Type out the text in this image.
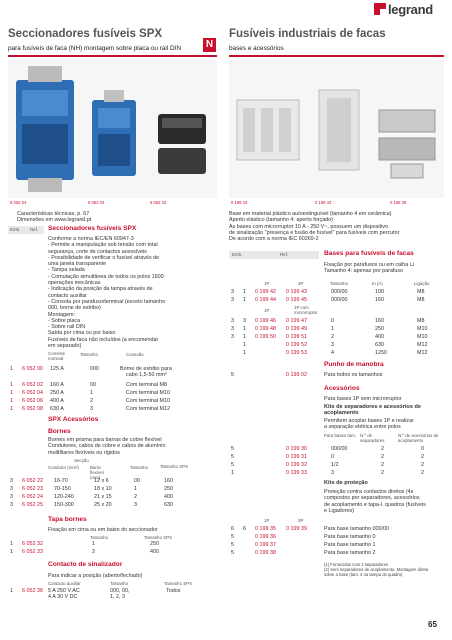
legrand
Seccionadores fusíveis SPX
para fusíveis de faca (NH) montagem sobre placa ou rail DIN N
Fusíveis industriais de facas
bases e acessórios
6 052 04	6 052 03	6 052 33	0 199 43	0 199 43	0 199 35
Características técnicas, p. 67
Dimensões em www.legrand.pt
Emb. Ref. Seccionadores fusíveis SPX
Conforme a norma IEC/EN 60947-3
- Permite a manipulação sob tensão com total
segurança, corte de contactos acessíveis
- Possibilidade de verificar o fusível através de
uma janela transparente
- Tampa selada
- Comutação simultânea de todos os polos 1600
operações mecânicas
- Indicação da posição da tampa através de
contacto auxiliar
- Consola por parafuso/terminal (exceto tamanho
000, borne de estribo)
Montagem:
- Sobre placa
- Sobre rail DIN
Saída por cima ou por baixo
Fusíveis de faca não incluídos (a encomendar
em separado)
Corrente nominal
Tamanho	Conexão
1 6 052 00 125 A	000	Borne de estribo para
cabo 1,5-50 mm²
1 6 052 02 160 A	00	Com terminal M8
1 6 052 04 250 A	1	Com terminal M10
1 6 052 06 400 A	2	Com terminal M10
1 6 052 08 630 A	3	Com terminal M12
SPX Acessórios
Bornes
Bornes em prisma para barras de cobre flexível
Condutores, cabos de cobre e cabos de alumínio
multifilares flexíveis ou rígidos
Secção
Condutor (mm²)	Barra flexível (mm)
Tamanho	Tamanho SPX
3 6 052 22 16-70	12 x 6	00	160
3 6 052 23 70-150	18 x 10	1	250
3 6 052 24 120-240	21 x 15	2	400
3 6 052 25 150-300	25 x 20	3	630
Tapa bornes
Fixação em cima ou em baixo do seccionador
Tamanho	Tamanho SPX
1 6 052 32	1	250
1 6 052 33	2	400
Contacto de sinalizador
Para indicar a posição (aberto/fechado)
Contacto auxiliar	Tamanho	Tamanho SPX
1 6 052 36 5 A 250 V AC
4 A 30 V DC
000, 00,
1, 2, 3
Todos
Base em material plástico autoextinguível (tamanho 4 em cerâmica)
Aperto elástico (tamanho 4: aperto forçado)
As bases com microrruptor 10 A - 250 V~, possuem um dispositivo
de sinalização "presença e fusão de fusível" para fusíveis com percutor
De acordo com a norma IEC 60269-2
Emb.	Ref.	Bases para fusíveis de facas
Fixação por parafusos ou em calha ⊔
Tamanho 4: apenas por parafuso
1P	3P	Tamanho	In (A)	Ligação
3 1 0 199 42 0 199 43	000/00	100	M8
3 1 0 199 44 0 199 45	000/00	160	M8
1P
1P com microrruptor
3 3 0 199 46 0 199 47	0	160	M8
3 1 0 199 48 0 199 49	1	250	M10
3 1 0 199 50 0 199 51	2	400	M10
1	0 199 52	3	630	M12
1	0 199 53	4	1250	M12
Punho de manobra
5	0 199 02	Para todos os tamanhos
Acessórios
Para bases 1P sem microrruptor
Kits de separadores e acessórios de acoplamento
Permitem acoplar bases 1P e realizar
a separação elétrica entre polos
Para bases tam. N.º de separadores
N.º de acessórios de acoplamento
5	0 199 30	000/00	2	0
5	0 199 31	0	2	2
5	0 199 32	1/2	2	2
1	0 199 33	3	2	2
Kits de proteção
Proteção contra contactos diretos (4s
compostos por separadores, acessórios
de acoplamento e tapa-l. quadros (fusíveis
e Ligadores)
1P	3P
6 6 0 199 35 0 199 39	Para base tamanho 000/00
5	0 199 36	Para base tamanho 0
5	0 199 37	Para base tamanho 1
5	0 199 38	Para base tamanho 2
(1) Fornecidos com 2 separadores
(2) Sem separadores de acoplamento. Montagem direta
sobre a base (tam. 4 na tampa do quadro)
65
